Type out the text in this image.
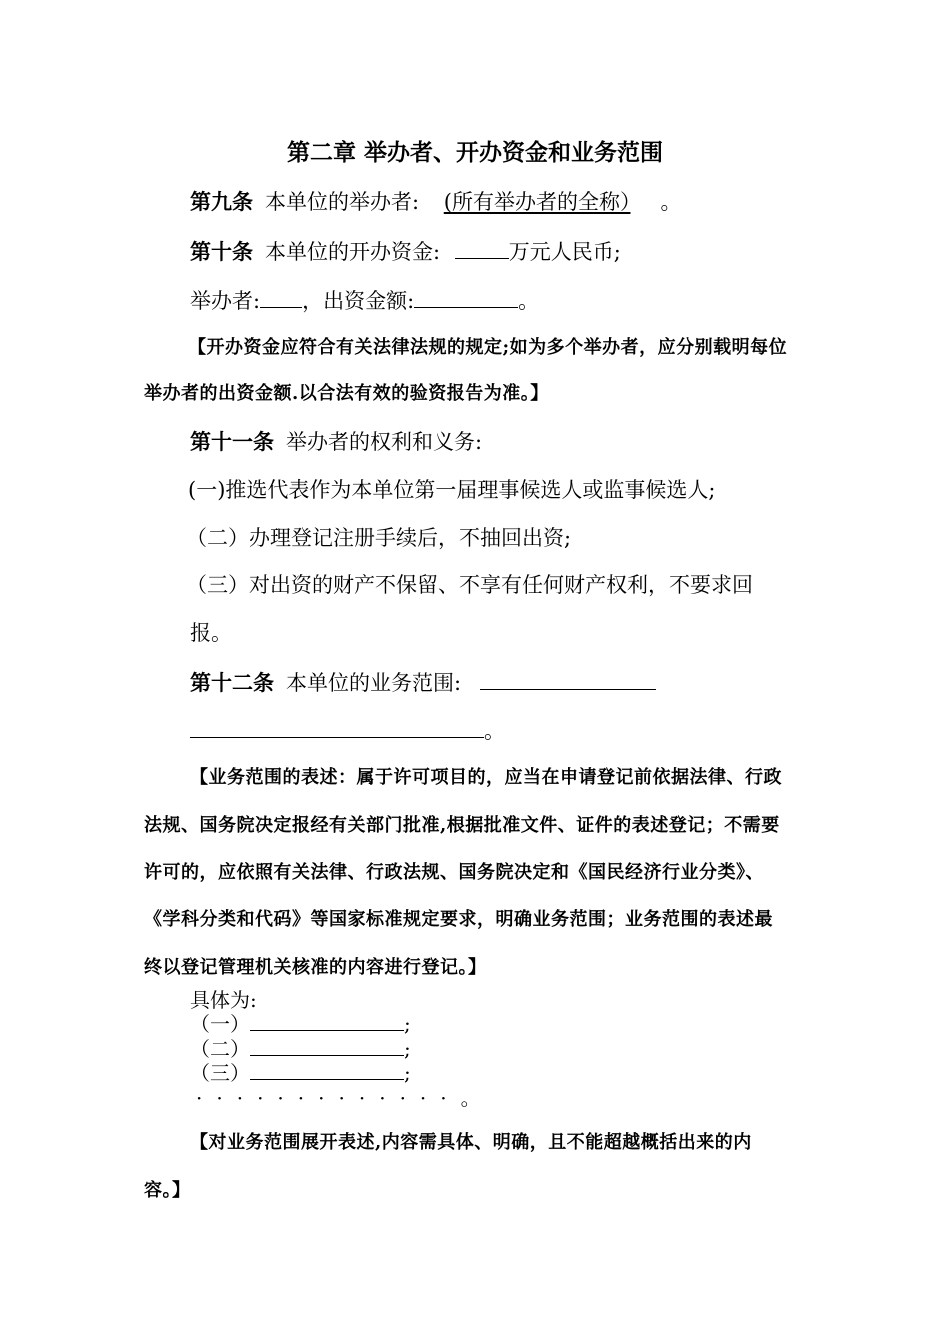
第二章 举办者、开办资金和业务范围
第九条 本单位的举办者: (所有举办者的全称） 。
第十条 本单位的开办资金:	万元人民币;
举办者: ，出资金额:	。
【开办资金应符合有关法律法规的规定;如为多个举办者，应分别载明每位
举办者的出资金额.以合法有效的验资报告为准。】
第十一条 举办者的权利和义务:
(一)推选代表作为本单位第一届理事候选人或监事候选人;
（二）办理登记注册手续后，不抽回出资;
（三）对出资的财产不保留、不享有任何财产权利，不要求回
报。
第十二条 本单位的业务范围:
。
【业务范围的表述：属于许可项目的，应当在申请登记前依据法律、行政
法规、国务院决定报经有关部门批准,根据批准文件、证件的表述登记；不需要
许可的，应依照有关法律、行政法规、国务院决定和《国民经济行业分类》、
《学科分类和代码》等国家标准规定要求，明确业务范围；业务范围的表述最
终以登记管理机关核准的内容进行登记。】
具体为:
（一）	;
（二）	;
（三）	;
·············。
【对业务范围展开表述,内容需具体、明确，且不能超越概括出来的内
容。】
